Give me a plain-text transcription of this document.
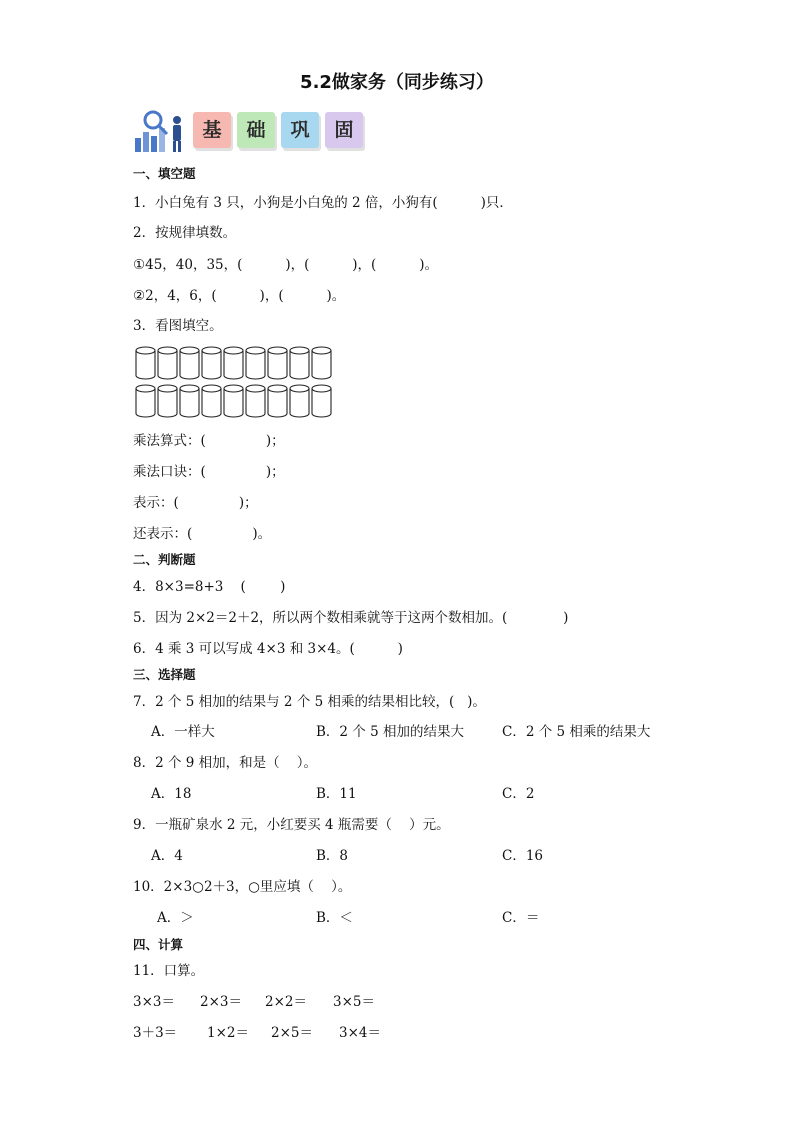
5.2做家务（同步练习）
基	础	巩	固
一、填空题
1．小白兔有 3 只，小狗是小白兔的 2 倍，小狗有(          )只．
2．按规律填数。
①45，40，35，(          )，(          )，(          )。
②2，4，6，(          )，(          )。
3．看图填空。
乘法算式：(              )；
乘法口诀：(              )；
表示：(              )；
还表示：(              )。
二、判断题
4．8×3=8+3    (        )
5．因为 2×2＝2＋2，所以两个数相乘就等于这两个数相加。(             )
6．4 乘 3 可以写成 4×3 和 3×4。(          )
三、选择题
7．2 个 5 相加的结果与 2 个 5 相乘的结果相比较，(   )。
A．一样大	B．2 个 5 相加的结果大	C．2 个 5 相乘的结果大
8．2 个 9 相加，和是（    ）。
A．18	B．11	C．2
9．一瓶矿泉水 2 元，小红要买 4 瓶需要（    ）元。
A．4	B．8	C．16
10．2×3○2＋3，○里应填（    ）。
A．＞	B．＜	C．＝
四、计算
11．口算。
3×3＝ 2×3＝ 2×2＝ 3×5＝
3＋3＝ 1×2＝ 2×5＝ 3×4＝
